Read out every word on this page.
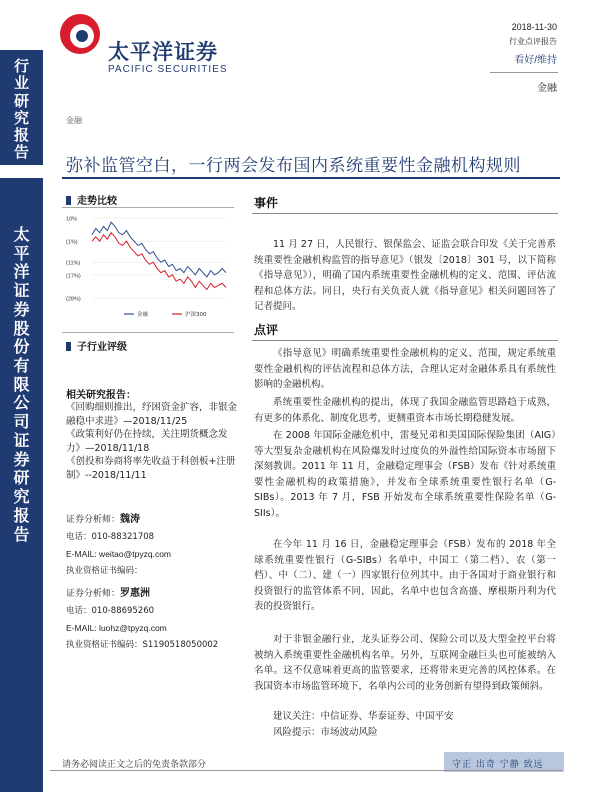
行
业
研
究
报
告
太
平
洋
证
券
股
份
有
限
公
司
证
券
研
究
报
告
太平洋证券
PACIFIC SECURITIES
2018-11-30
行业点评报告
看好/维持
金融
金融
弥补监管空白，一行两会发布国内系统重要性金融机构规则
走势比较
10%
(1%)
(11%)
(17%)
(28%)
金融	沪深300
子行业评级
相关研究报告：

《回购细则推出，纾困资金扩容，非银金融稳中求进》—2018/11/25

《政策利好仍在持续，关注期货概念发力》—2018/11/18

《创投和券商将率先收益于科创板+注册制》--2018/11/11

证券分析师：魏涛
电话：010-88321708
E-MAIL: weitao@tpyzq.com
执业资格证书编码：
证券分析师：罗惠洲
电话：010-88695260
E-MAIL: luohz@tpyzq.com
执业资格证书编码：S1190518050002
事件
11 月 27 日，人民银行、银保监会、证监会联合印发《关于完善系统重要性金融机构监管的指导意见》（银发〔2018〕301 号，以下简称《指导意见》），明确了国内系统重要性金融机构的定义、范围、评估流程和总体方法。同日，央行有关负责人就《指导意见》相关问题回答了记者提问。
点评
《指导意见》明确系统重要性金融机构的定义、范围，规定系统重要性金融机构的评估流程和总体方法，合理认定对金融体系具有系统性影响的金融机构。
系统重要性金融机构的提出，体现了我国金融监管思路趋于成熟，有更多的体系化、制度化思考，更侧重资本市场长期稳健发展。
在 2008 年国际金融危机中，雷曼兄弟和美国国际保险集团（AIG）等大型复杂金融机构在风险爆发时过度负的外溢性给国际资本市场留下深刻教训。2011 年 11 月，金融稳定理事会（FSB）发布《针对系统重要性金融机构的政策措施》，并发布全球系统重要性银行名单（G-SIBs）。2013 年 7 月，FSB 开始发布全球系统重要性保险名单（G-SIIs）。
在今年 11 月 16 日，金融稳定理事会（FSB）发布的 2018 年全球系统重要性银行（G-SIBs）名单中，中国工（第二档）、农（第一档）、中（二）、建（一）四家银行位列其中。由于各国对于商业银行和投资银行的监管体系不同，因此，名单中也包含高盛、摩根斯丹利为代表的投资银行。
对于非银金融行业，龙头证券公司、保险公司以及大型金控平台将被纳入系统重要性金融机构名单。另外，互联网金融巨头也可能被纳入名单。这不仅意味着更高的监管要求，还将带来更完善的风控体系。在我国资本市场监管环境下，名单内公司的业务创新有望得到政策倾斜。
建议关注：中信证券、华泰证券、中国平安
风险提示：市场波动风险
请务必阅读正文之后的免责条款部分	守正 出奇 宁静 致远
